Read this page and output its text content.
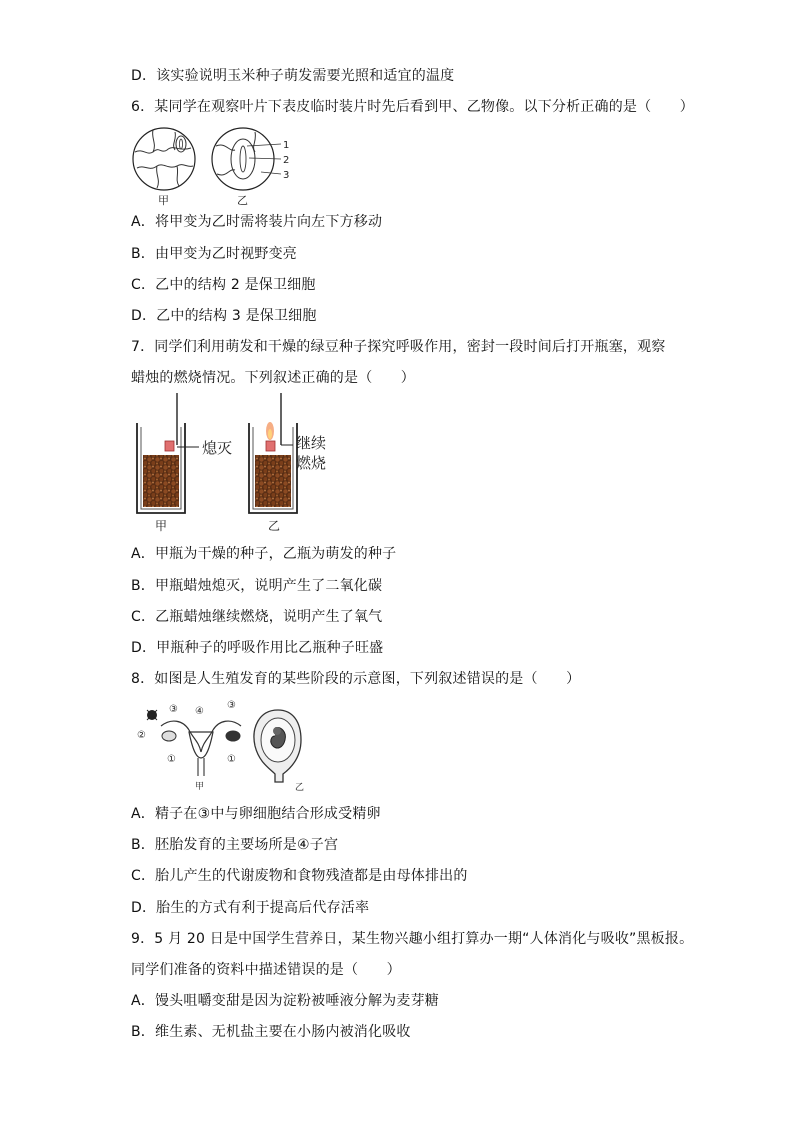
D．该实验说明玉米种子萌发需要光照和适宜的温度
6．某同学在观察叶片下表皮临时装片时先后看到甲、乙物像。以下分析正确的是（　　）
甲
1
2
3
乙
A．将甲变为乙时需将装片向左下方移动
B．由甲变为乙时视野变亮
C．乙中的结构 2 是保卫细胞
D．乙中的结构 3 是保卫细胞
7．同学们利用萌发和干燥的绿豆种子探究呼吸作用，密封一段时间后打开瓶塞，观察
蜡烛的燃烧情况。下列叙述正确的是（　　）
熄灭
甲
继续
燃烧
乙
A．甲瓶为干燥的种子，乙瓶为萌发的种子
B．甲瓶蜡烛熄灭，说明产生了二氧化碳
C．乙瓶蜡烛继续燃烧，说明产生了氧气
D．甲瓶种子的呼吸作用比乙瓶种子旺盛
8．如图是人生殖发育的某些阶段的示意图，下列叙述错误的是（　　）
③ ④
③
②
①	①
甲	乙
A．精子在③中与卵细胞结合形成受精卵
B．胚胎发育的主要场所是④子宫
C．胎儿产生的代谢废物和食物残渣都是由母体排出的
D．胎生的方式有利于提高后代存活率
9．5 月 20 日是中国学生营养日，某生物兴趣小组打算办一期“人体消化与吸收”黑板报。
同学们准备的资料中描述错误的是（　　）
A．馒头咀嚼变甜是因为淀粉被唾液分解为麦芽糖
B．维生素、无机盐主要在小肠内被消化吸收
